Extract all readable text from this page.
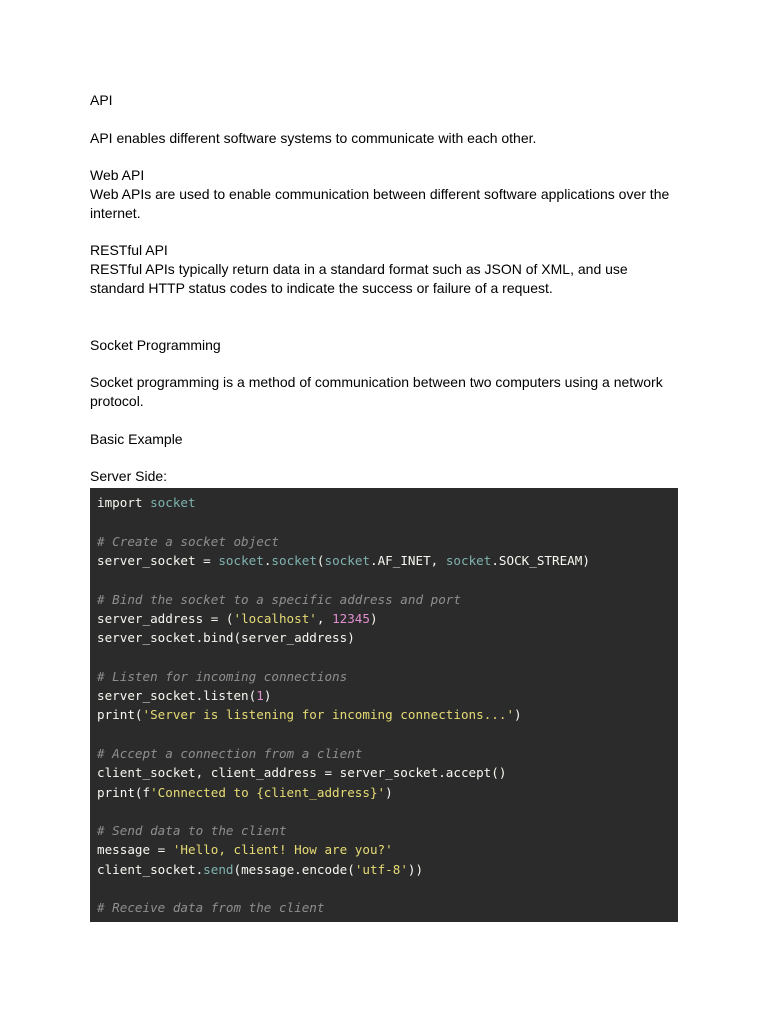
API

API enables different software systems to communicate with each other.

Web API

Web APIs are used to enable communication between different software applications over the internet.

RESTful API

RESTful APIs typically return data in a standard format such as JSON of XML, and use standard HTTP status codes to indicate the success or failure of a request.

Socket Programming

Socket programming is a method of communication between two computers using a network protocol.

Basic Example

Server Side:

import socket
# Create a socket object
server_socket = socket.socket(socket.AF_INET, socket.SOCK_STREAM)
# Bind the socket to a specific address and port
server_address = ('localhost', 12345)
server_socket.bind(server_address)
# Listen for incoming connections
server_socket.listen(1)
print('Server is listening for incoming connections...')
# Accept a connection from a client
client_socket, client_address = server_socket.accept()
print(f'Connected to {client_address}')
# Send data to the client
message = 'Hello, client! How are you?'
client_socket.send(message.encode('utf-8'))
# Receive data from the client
